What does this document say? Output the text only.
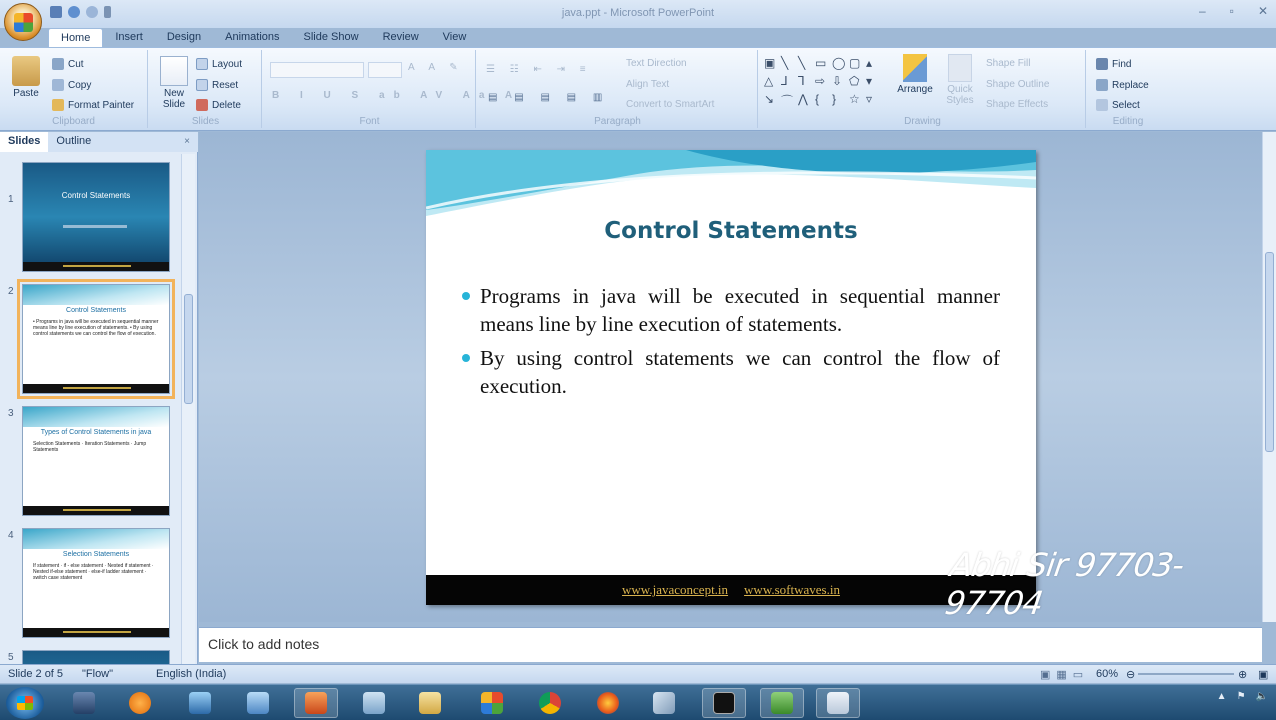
java.ppt - Microsoft PowerPoint	– ▫ ✕
Home	Insert	Design	Animations	Slide Show	Review	View
Paste
Cut
Copy
Format Painter
Clipboard
New Slide
Layout
Reset
Delete
Slides
A A ✎
B I U S ab AV Aa A
Font
☰ ☷ ⇤ ⇥ ≡
▤ ▤ ▤ ▤ ▥
Text Direction
Align Text
Convert to SmartArt
Paragraph
Arrange	Quick Styles
Shape Fill
Shape Outline
Shape Effects
Drawing
▣ ╲ ╲ ▭ ◯ ▢ ▴
△ ⅃ ⅂ ⇨ ⇩ ⬠ ▾
↘ ⌒ ⋀ {	}	☆ ▿
Find
Replace
Select
Editing
Slides	Outline	×
1	Control Statements
2
Control Statements
• Programs in java will be executed in sequential manner means line by line execution of statements. • By using control statements we can control the flow of execution.
3
Types of Control Statements in java
Selection Statements · Iteration Statements · Jump Statements
4
Selection Statements
If statement · if - else statement · Nested if statement · Nested if-else statement · else-if ladder statement · switch case statement
5
Control Statements

Programs in java will be executed in sequential manner means line by line execution of statements.

By using control statements we can control the flow of execution.

www.javaconcept.in www.softwaves.in
Abhi Sir 97703-97704
Click to add notes
Slide 2 of 5 "Flow"	English (India)	▣▦▭ 60% ⊖	⊕ ▣
▲ ⚑ 🔈
